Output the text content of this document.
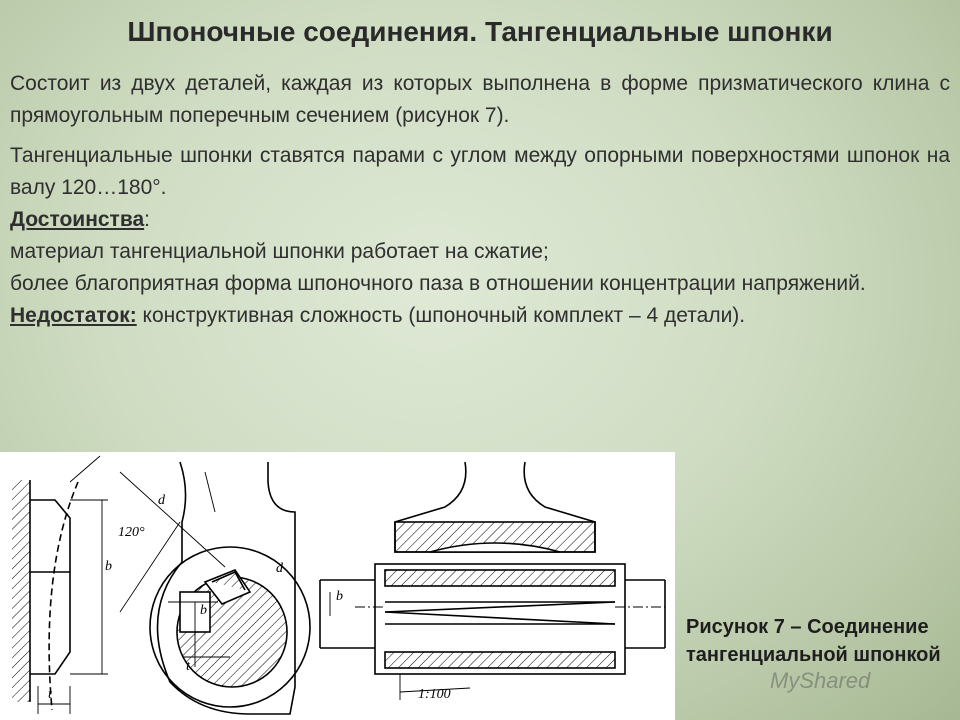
Шпоночные соединения. Тангенциальные шпонки

Состоит из двух деталей, каждая из которых выполнена в форме призматического клина с прямоугольным поперечным сечением (рисунок 7).

Тангенциальные шпонки ставятся парами с углом между опорными поверхностями шпонок на валу 120…180°.

Достоинства:

материал тангенциальной шпонки работает на сжатие;

более благоприятная форма шпоночного паза в отношении концентрации напряжений.

Недостаток: конструктивная сложность (шпоночный комплект – 4 детали).

b
t
120°
d
d
b
t
b
1:100
Рисунок 7 – Соединение тангенциальной шпонкой
MyShared
